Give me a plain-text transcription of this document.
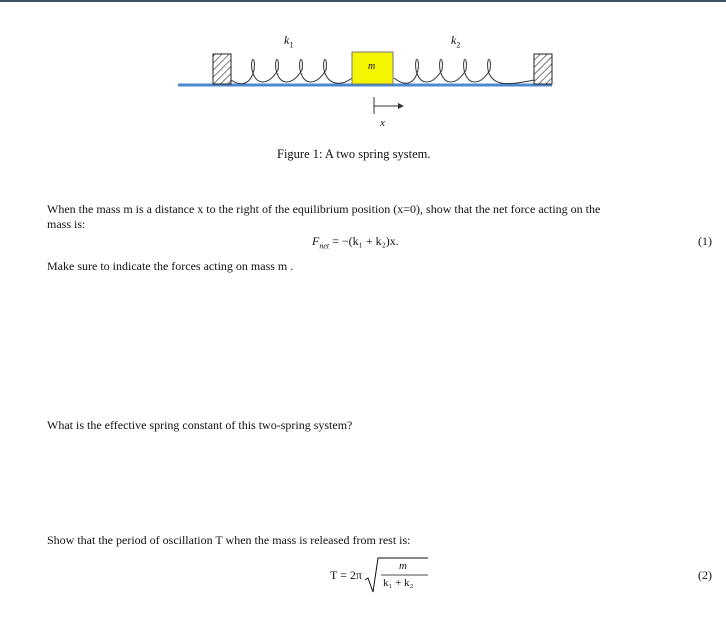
$k_1$	$k_2$
m
x
Figure 1: A two spring system.
When the mass m is a distance x to the right of the equilibrium position (x=0), show that the net force acting on the
mass is:
$F_{net} = -(k_1 + k_2)x$.	(1)
Make sure to indicate the forces acting on mass m .
What is the effective spring constant of this two-spring system?
Show that the period of oscillation T when the mass is released from rest is:
T = 2π
m
k₁ + k₂
(2)
